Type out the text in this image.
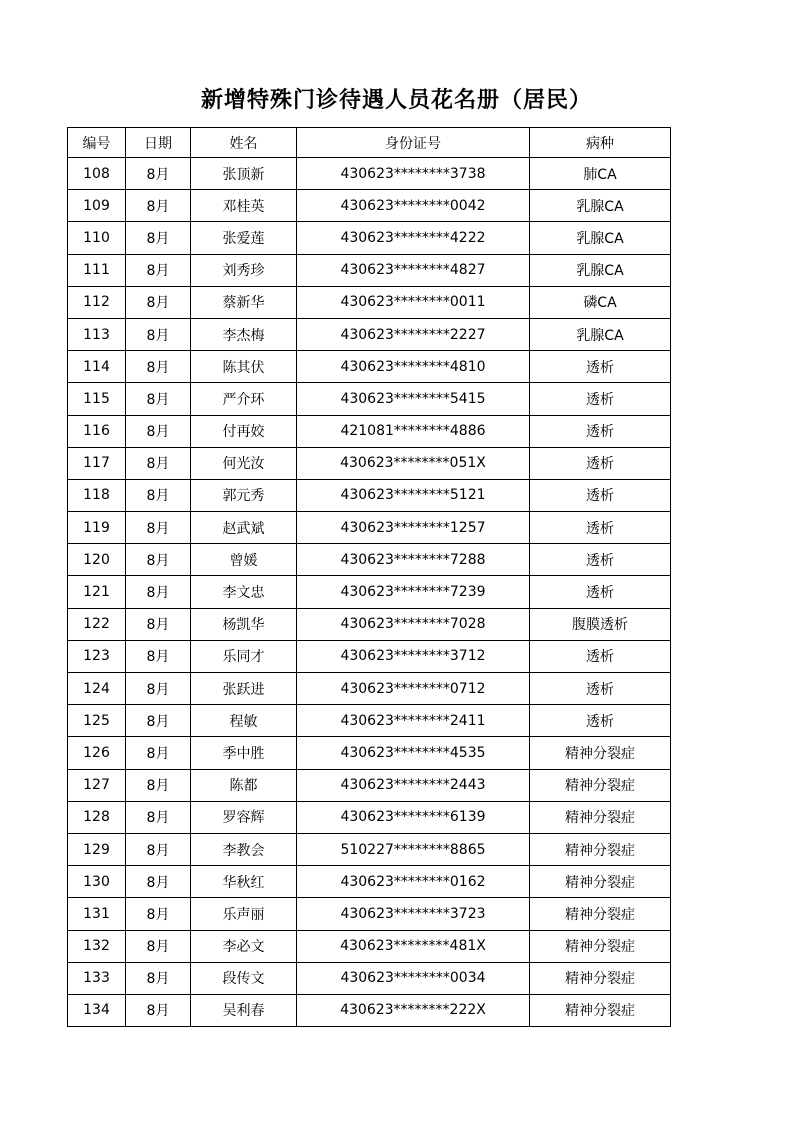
新增特殊门诊待遇人员花名册（居民）
编号	日期	姓名	身份证号	病种
108	8月	张顶新	430623********3738	肺CA
109	8月	邓桂英	430623********0042	乳腺CA
110	8月	张爱莲	430623********4222	乳腺CA
111	8月	刘秀珍	430623********4827	乳腺CA
112	8月	蔡新华	430623********0011	磷CA
113	8月	李杰梅	430623********2227	乳腺CA
114	8月	陈其伏	430623********4810	透析
115	8月	严介环	430623********5415	透析
116	8月	付再姣	421081********4886	透析
117	8月	何光汝	430623********051X	透析
118	8月	郭元秀	430623********5121	透析
119	8月	赵武斌	430623********1257	透析
120	8月	曾媛	430623********7288	透析
121	8月	李文忠	430623********7239	透析
122	8月	杨凯华	430623********7028	腹膜透析
123	8月	乐同才	430623********3712	透析
124	8月	张跃进	430623********0712	透析
125	8月	程敏	430623********2411	透析
126	8月	季中胜	430623********4535	精神分裂症
127	8月	陈都	430623********2443	精神分裂症
128	8月	罗容辉	430623********6139	精神分裂症
129	8月	李教会	510227********8865	精神分裂症
130	8月	华秋红	430623********0162	精神分裂症
131	8月	乐声丽	430623********3723	精神分裂症
132	8月	李必文	430623********481X	精神分裂症
133	8月	段传文	430623********0034	精神分裂症
134	8月	吴利春	430623********222X	精神分裂症
